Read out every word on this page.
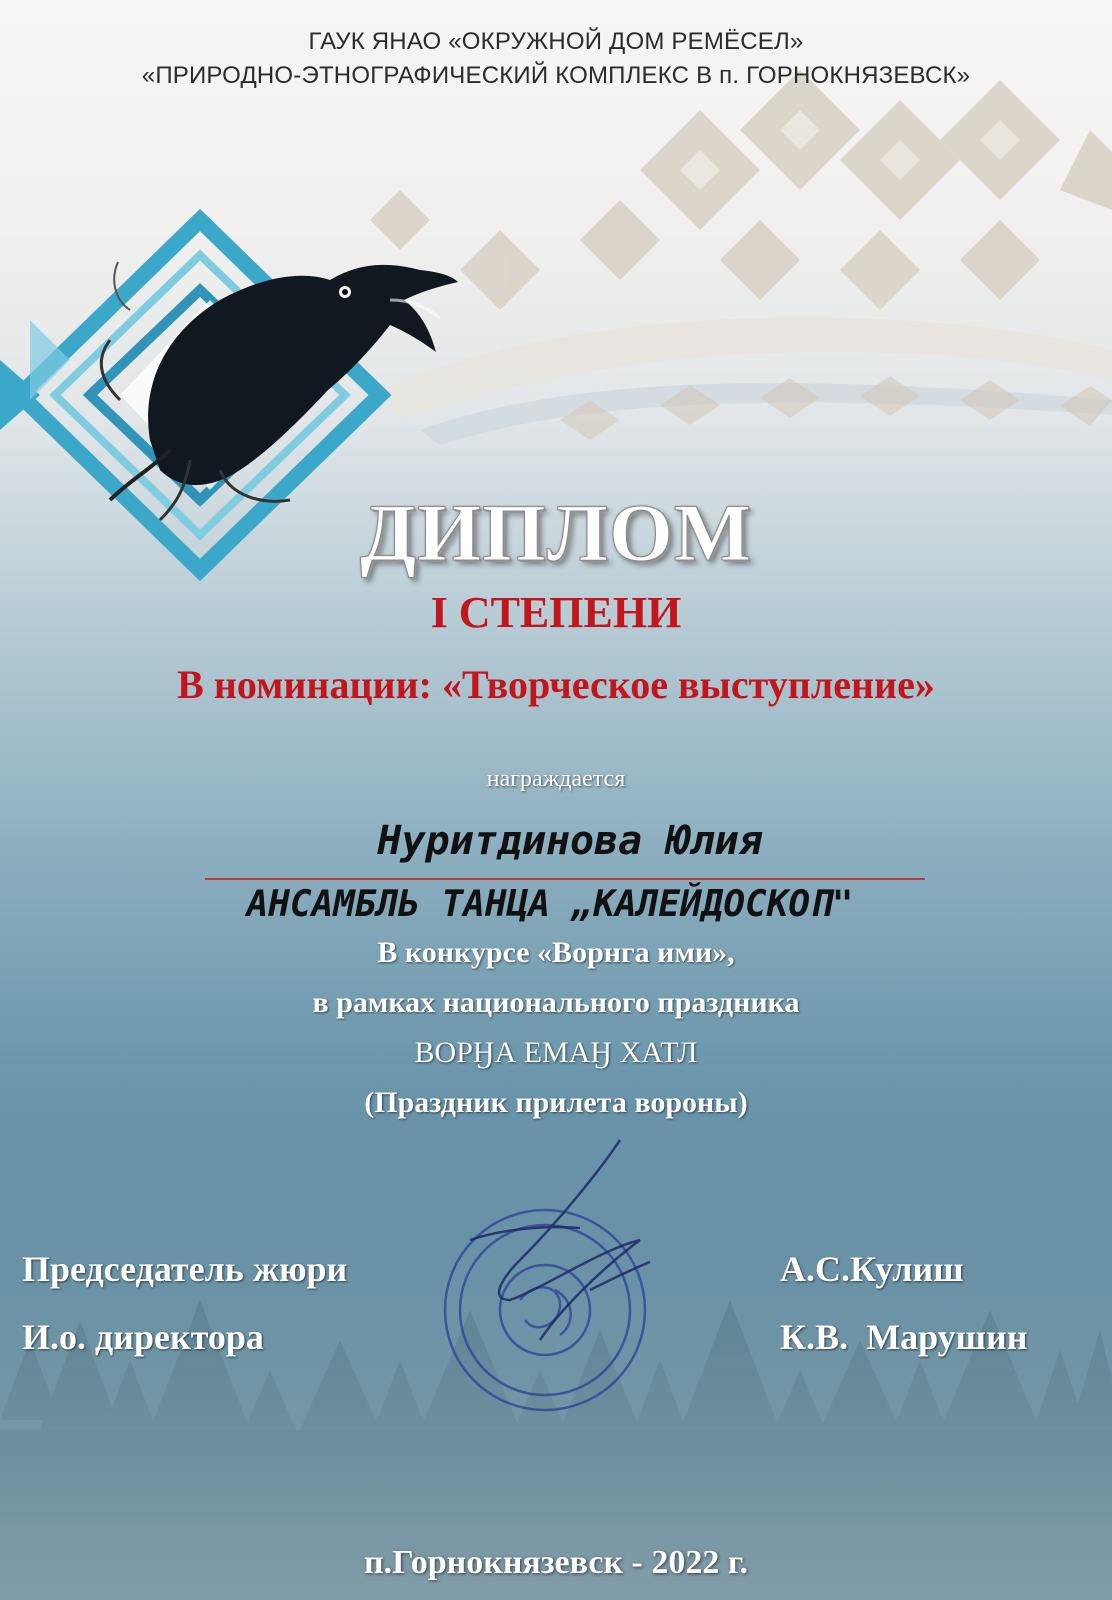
ГАУК ЯНАО «ОКРУЖНОЙ ДОМ РЕМЁСЕЛ»

«ПРИРОДНО-ЭТНОГРАФИЧЕСКИЙ КОМПЛЕКС В п. ГОРНОКНЯЗЕВСК»

ДИПЛОМ

I СТЕПЕНИ

В номинации: «Творческое выступление»

награждается

Нуритдинова Юлия

АНСАМБЛЬ ТАНЦА „КАЛЕЙДОСКОП"

В конкурсе «Ворнга ими»,

в рамках национального праздника

ВОРӇА ЕМАӇ ХАТЛ

(Праздник прилета вороны)

Председатель жюри	А.С.Кулиш

И.о. директора	К.В.  Марушин

п.Горнокнязевск - 2022 г.
